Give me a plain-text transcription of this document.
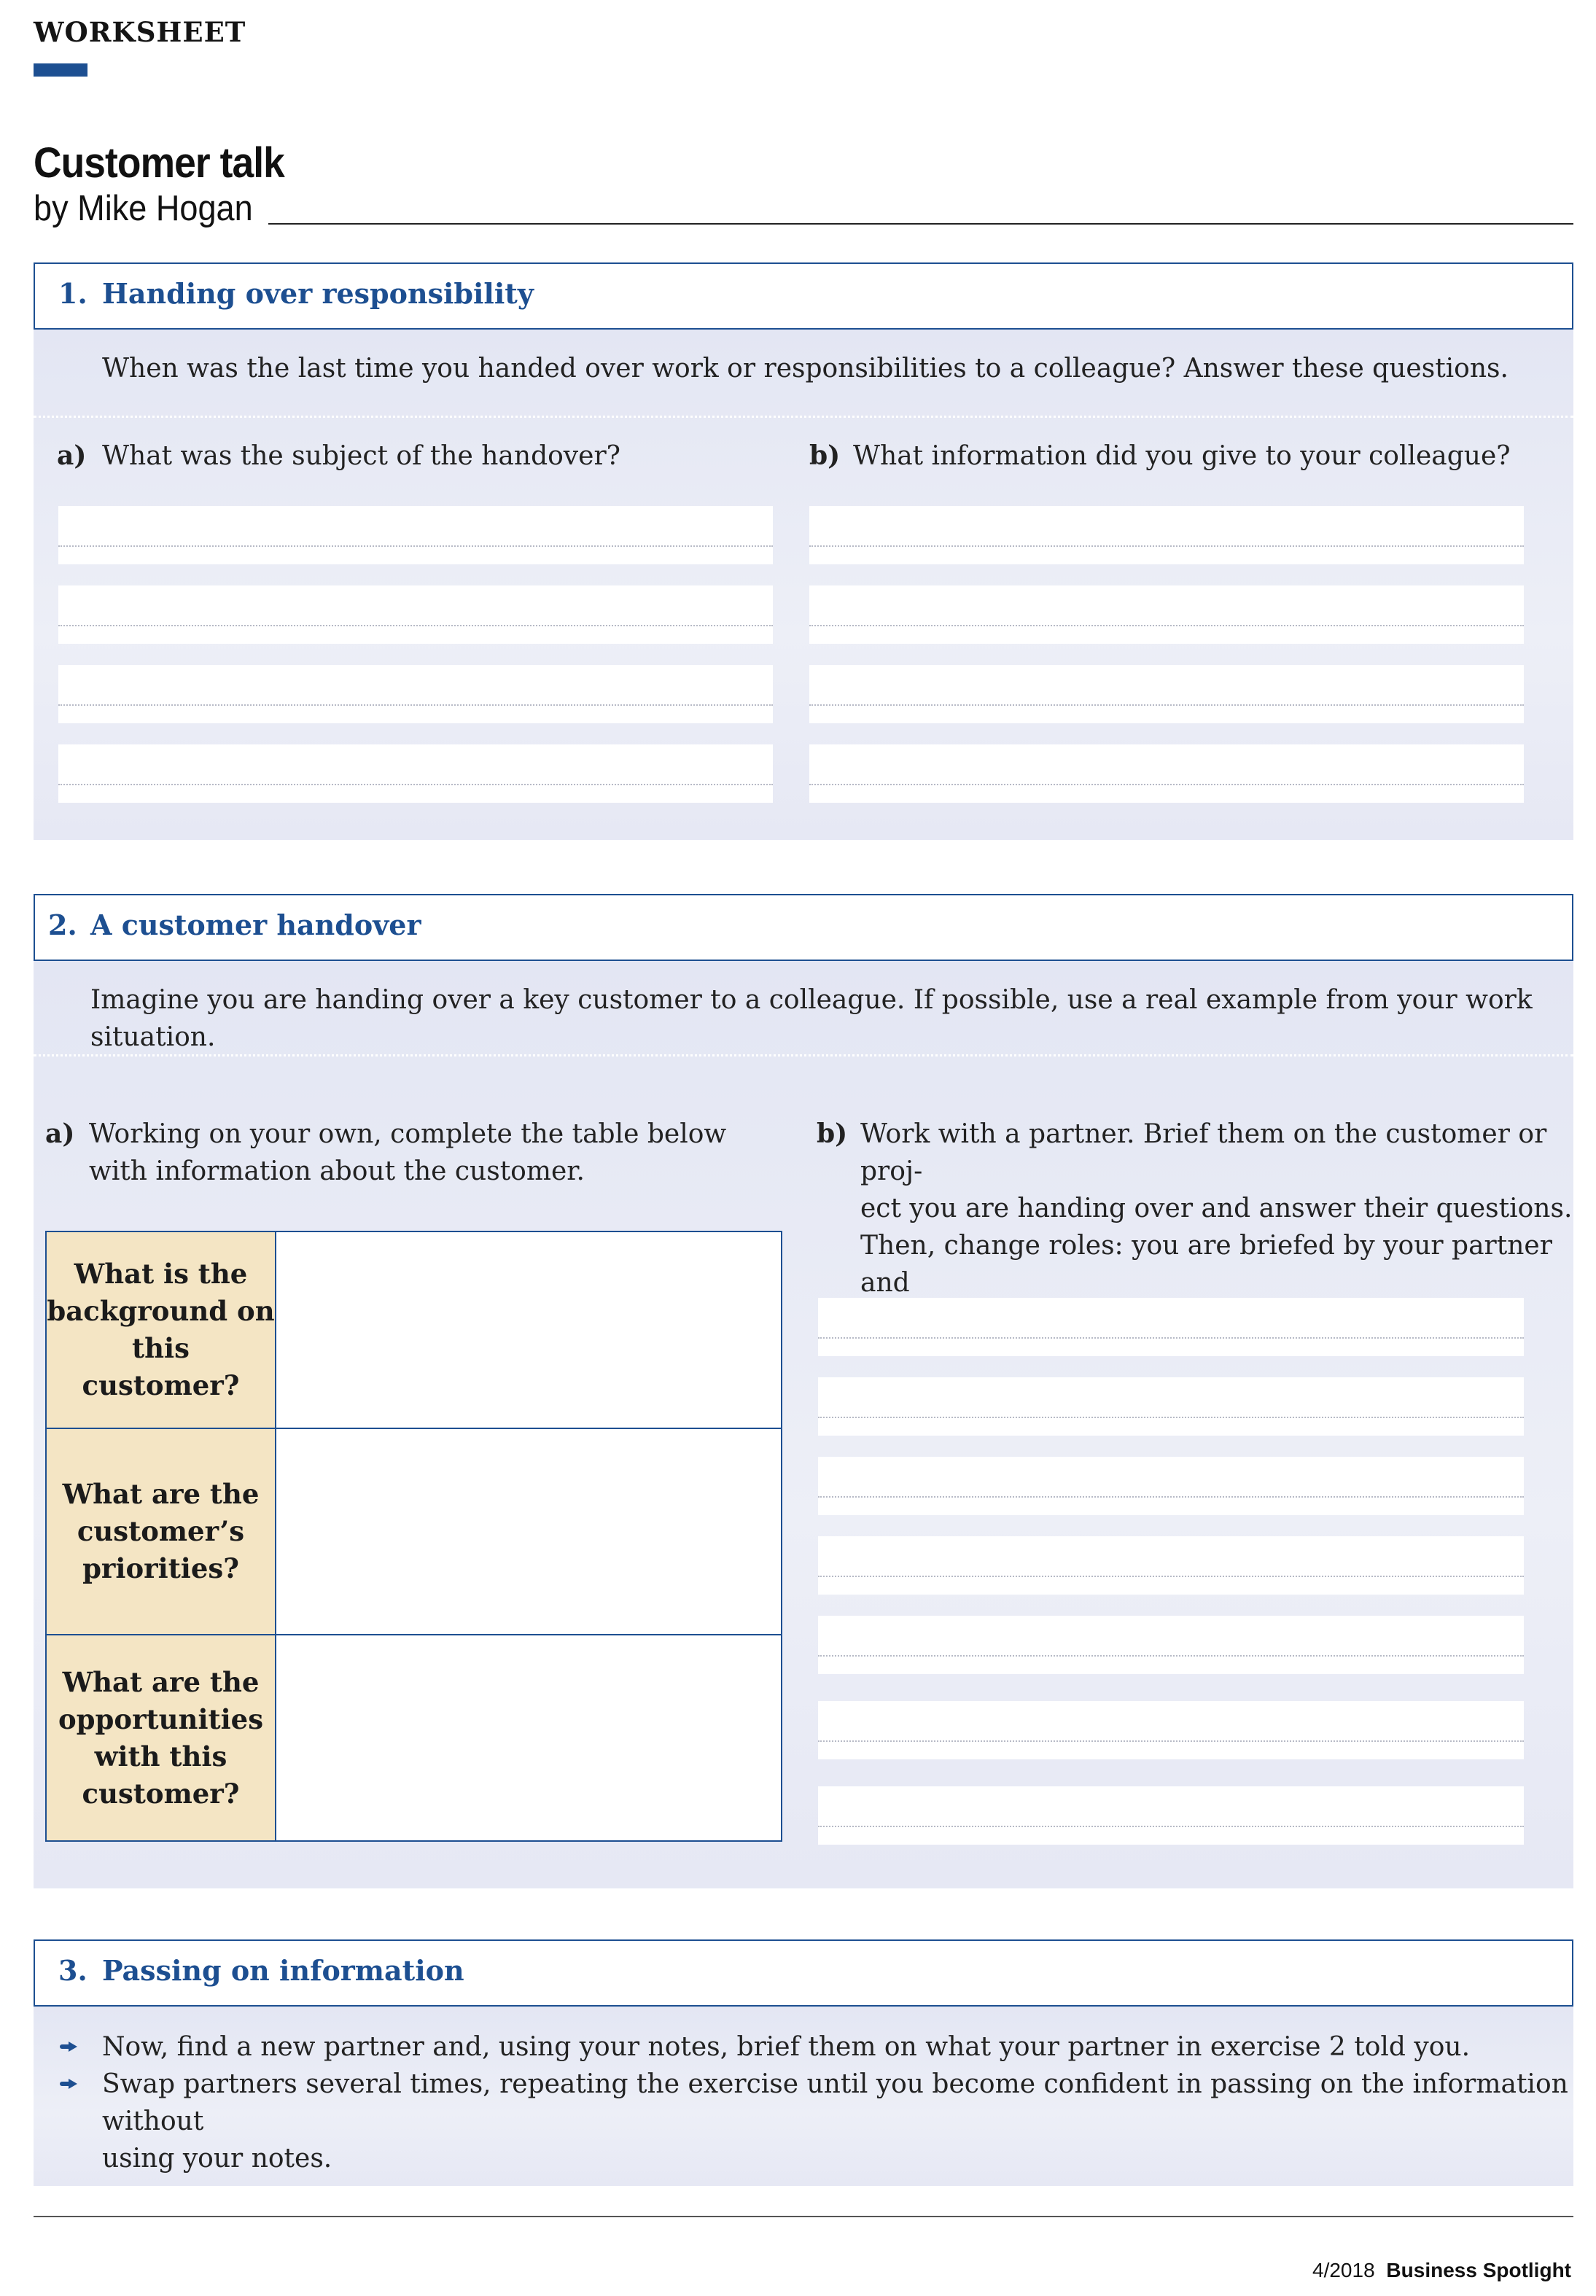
WORKSHEET
Customer talk
by Mike Hogan
1. Handing over responsibility
When was the last time you handed over work or responsibilities to a colleague? Answer these questions.
a) What was the subject of the handover?	b) What information did you give to your colleague?
2. A customer handover
Imagine you are handing over a key customer to a colleague. If possible, use a real example from your work situation.
a) Working on your own, complete the table below
with information about the customer.
b) Work with a partner. Brief them on the customer or proj-
ect you are handing over and answer their questions.
Then, change roles: you are briefed by your partner and
What is the
background on
this
customer?	

What are the
customer’s
priorities?	

What are the
opportunities
with this
customer?	

3. Passing on information
Now, find a new partner and, using your notes, brief them on what your partner in exercise 2 told you.
Swap partners several times, repeating the exercise until you become confident in passing on the information without
using your notes.
4/2018 Business Spotlight
